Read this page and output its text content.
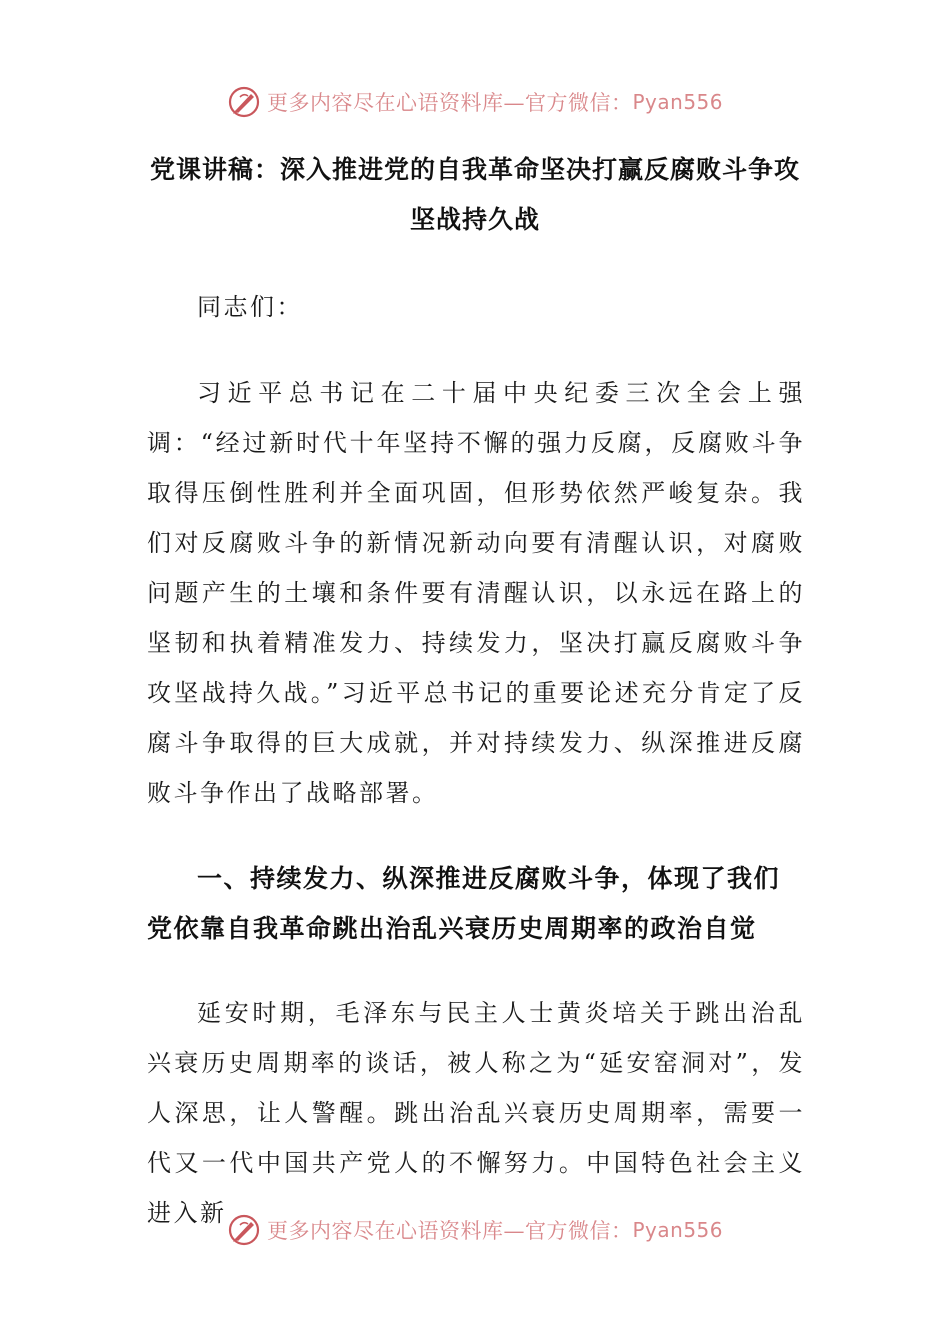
更多内容尽在心语资料库—官方微信： Pyan556
党课讲稿：深入推进党的自我革命坚决打赢反腐败斗争攻坚战持久战
同志们：
习近平总书记在二十届中央纪委三次全会上强调：“经过新时代十年坚持不懈的强力反腐，反腐败斗争取得压倒性胜利并全面巩固，但形势依然严峻复杂。我们对反腐败斗争的新情况新动向要有清醒认识，对腐败问题产生的土壤和条件要有清醒认识，以永远在路上的坚韧和执着精准发力、持续发力，坚决打赢反腐败斗争攻坚战持久战。”习近平总书记的重要论述充分肯定了反腐斗争取得的巨大成就，并对持续发力、纵深推进反腐败斗争作出了战略部署。
一、持续发力、纵深推进反腐败斗争，体现了我们党依靠自我革命跳出治乱兴衰历史周期率的政治自觉
延安时期，毛泽东与民主人士黄炎培关于跳出治乱兴衰历史周期率的谈话，被人称之为“延安窑洞对”，发人深思，让人警醒。跳出治乱兴衰历史周期率，需要一代又一代中国共产党人的不懈努力。中国特色社会主义进入新
更多内容尽在心语资料库—官方微信： Pyan556
